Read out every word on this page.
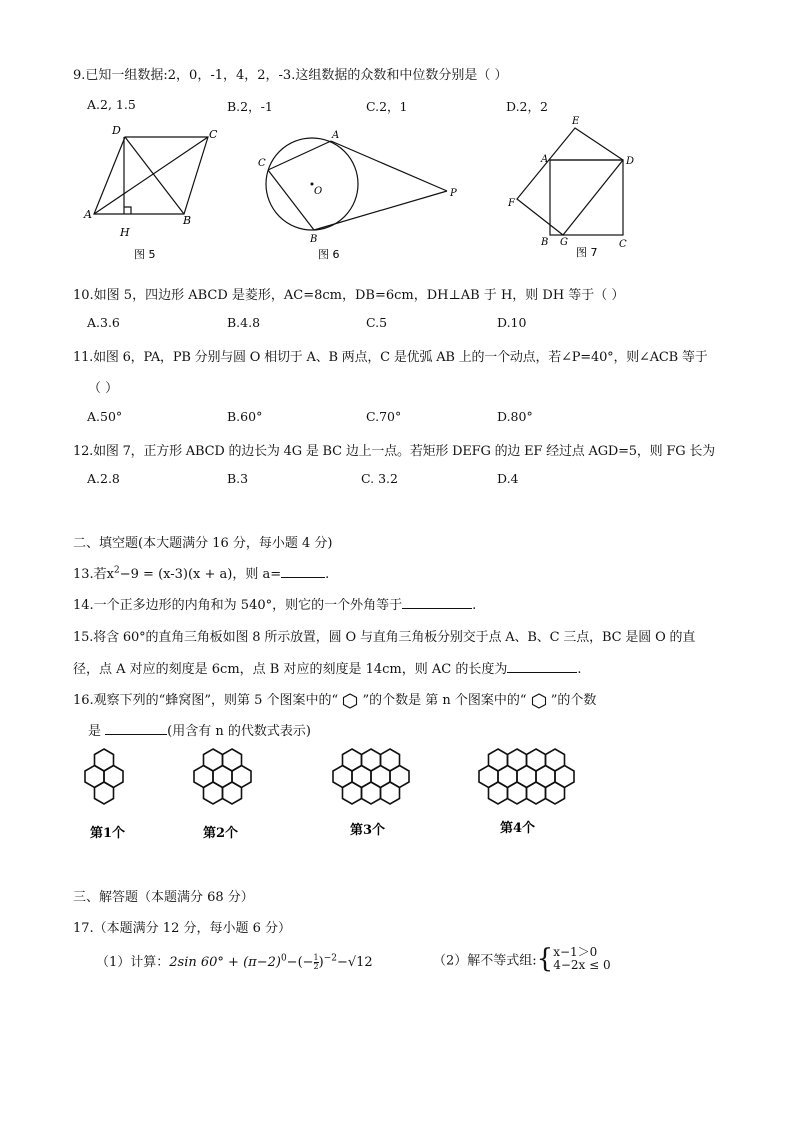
9.已知一组数据:2，0，-1，4，2，-3.这组数据的众数和中位数分别是（ ）
A.2, 1.5	B.2，-1	C.2，1	D.2，2
D	C
A	B
H
图 5
A
C
O
B
P
图 6
E
A	D
F
B G	C
图 7
10.如图 5，四边形 ABCD 是菱形，AC=8cm，DB=6cm，DH⊥AB 于 H，则 DH 等于（ ）
A.3.6	B.4.8	C.5	D.10
11.如图 6，PA，PB 分别与圆 O 相切于 A、B 两点，C 是优弧 AB 上的一个动点，若∠P=40°，则∠ACB 等于
（ ）
A.50°	B.60°	C.70°	D.80°
12.如图 7，正方形 ABCD 的边长为 4G 是 BC 边上一点。若矩形 DEFG 的边 EF 经过点 AGD=5，则 FG 长为
A.2.8	B.3	C. 3.2	D.4
二、填空题(本大题满分 16 分，每小题 4 分)
13.若$x^2-9 = (x-3)(x + a)$，则 a=	.
14.一个正多边形的内角和为 540°，则它的一个外角等于	.
15.将含 60°的直角三角板如图 8 所示放置，圆 O 与直角三角板分别交于点 A、B、C 三点，BC 是圆 O 的直
径，点 A 对应的刻度是 6cm，点 B 对应的刻度是 14cm，则 AC 的长度为	.
16.观察下列的“蜂窝图”，则第 5 个图案中的“ ”的个数是 第 n 个图案中的“ ”的个数
是	(用含有 n 的代数式表示)
第1个	第2个	第3个	第4个
三、解答题（本题满分 68 分）
17.（本题满分 12 分，每小题 6 分）
（1）计算：2sin $60^\circ + (\pi-2)^0-(- \frac{1}{2} )^{-2}-√12$	（2）解不等式组:{ x−1＞0
4−2x ≤ 0
